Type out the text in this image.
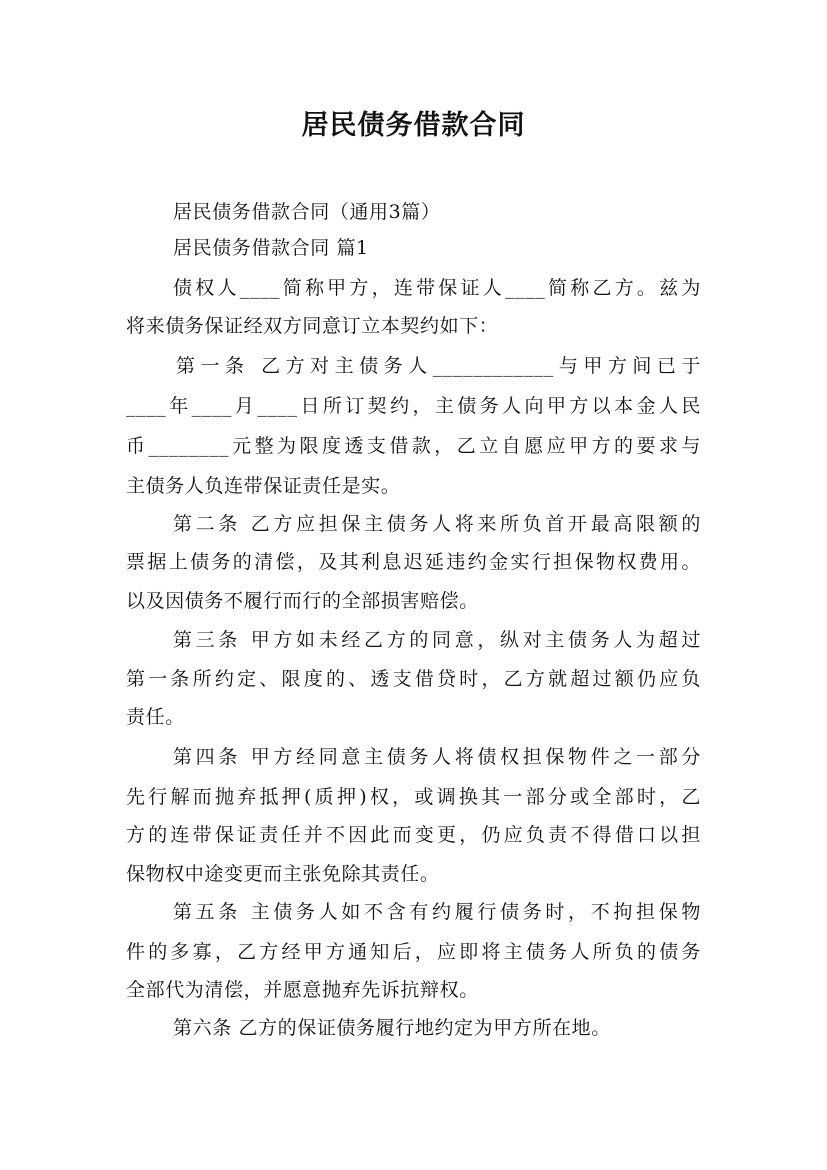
居民债务借款合同
居民债务借款合同（通用3篇）
居民债务借款合同 篇1
债权人____简称甲方，连带保证人____简称乙方。兹为
将来债务保证经双方同意订立本契约如下：
第一条 乙方对主债务人____________与甲方间已于
____年____月____日所订契约，主债务人向甲方以本金人民
币________元整为限度透支借款，乙立自愿应甲方的要求与
主债务人负连带保证责任是实。
第二条 乙方应担保主债务人将来所负首开最高限额的
票据上债务的清偿，及其利息迟延违约金实行担保物权费用。
以及因债务不履行而行的全部损害赔偿。
第三条 甲方如未经乙方的同意，纵对主债务人为超过
第一条所约定、限度的、透支借贷时，乙方就超过额仍应负
责任。
第四条 甲方经同意主债务人将债权担保物件之一部分
先行解而抛弃抵押(质押)权，或调换其一部分或全部时，乙
方的连带保证责任并不因此而变更，仍应负责不得借口以担
保物权中途变更而主张免除其责任。
第五条 主债务人如不含有约履行债务时，不拘担保物
件的多寡，乙方经甲方通知后，应即将主债务人所负的债务
全部代为清偿，并愿意抛弃先诉抗辩权。
第六条 乙方的保证债务履行地约定为甲方所在地。
